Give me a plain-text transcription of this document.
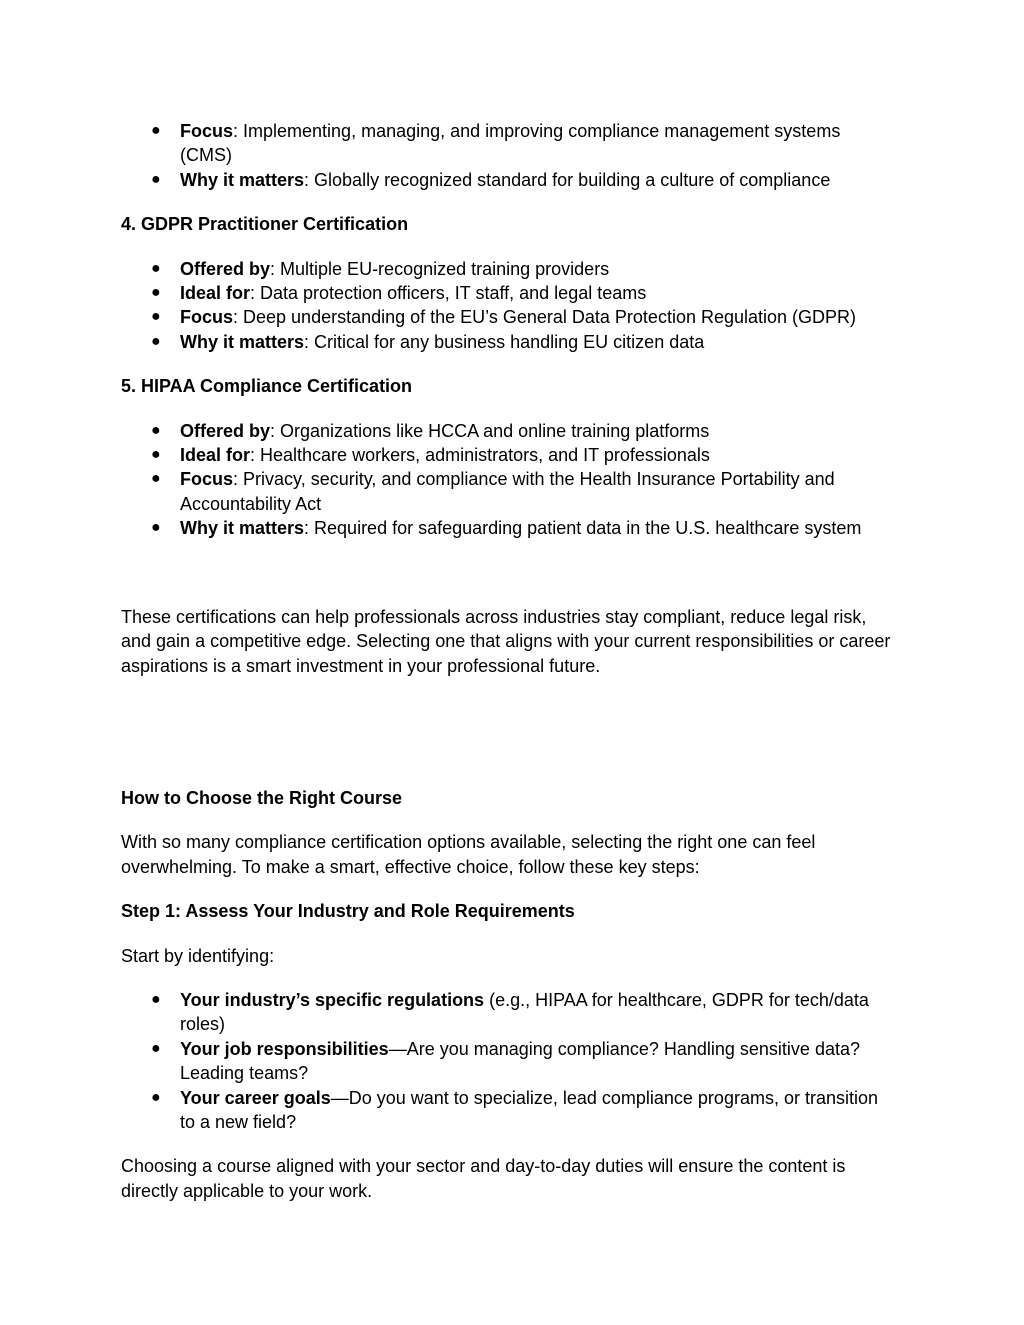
● Focus: Implementing, managing, and improving compliance management systems (CMS)
● Why it matters: Globally recognized standard for building a culture of compliance

4. GDPR Practitioner Certification

● Offered by: Multiple EU-recognized training providers
● Ideal for: Data protection officers, IT staff, and legal teams
● Focus: Deep understanding of the EU’s General Data Protection Regulation (GDPR)
● Why it matters: Critical for any business handling EU citizen data

5. HIPAA Compliance Certification

● Offered by: Organizations like HCCA and online training platforms
● Ideal for: Healthcare workers, administrators, and IT professionals
● Focus: Privacy, security, and compliance with the Health Insurance Portability and Accountability Act
● Why it matters: Required for safeguarding patient data in the U.S. healthcare system

These certifications can help professionals across industries stay compliant, reduce legal risk, and gain a competitive edge. Selecting one that aligns with your current responsibilities or career aspirations is a smart investment in your professional future.

How to Choose the Right Course

With so many compliance certification options available, selecting the right one can feel overwhelming. To make a smart, effective choice, follow these key steps:

Step 1: Assess Your Industry and Role Requirements

Start by identifying:

● Your industry’s specific regulations (e.g., HIPAA for healthcare, GDPR for tech/data roles)
● Your job responsibilities—Are you managing compliance? Handling sensitive data? Leading teams?
● Your career goals—Do you want to specialize, lead compliance programs, or transition to a new field?

Choosing a course aligned with your sector and day-to-day duties will ensure the content is directly applicable to your work.
